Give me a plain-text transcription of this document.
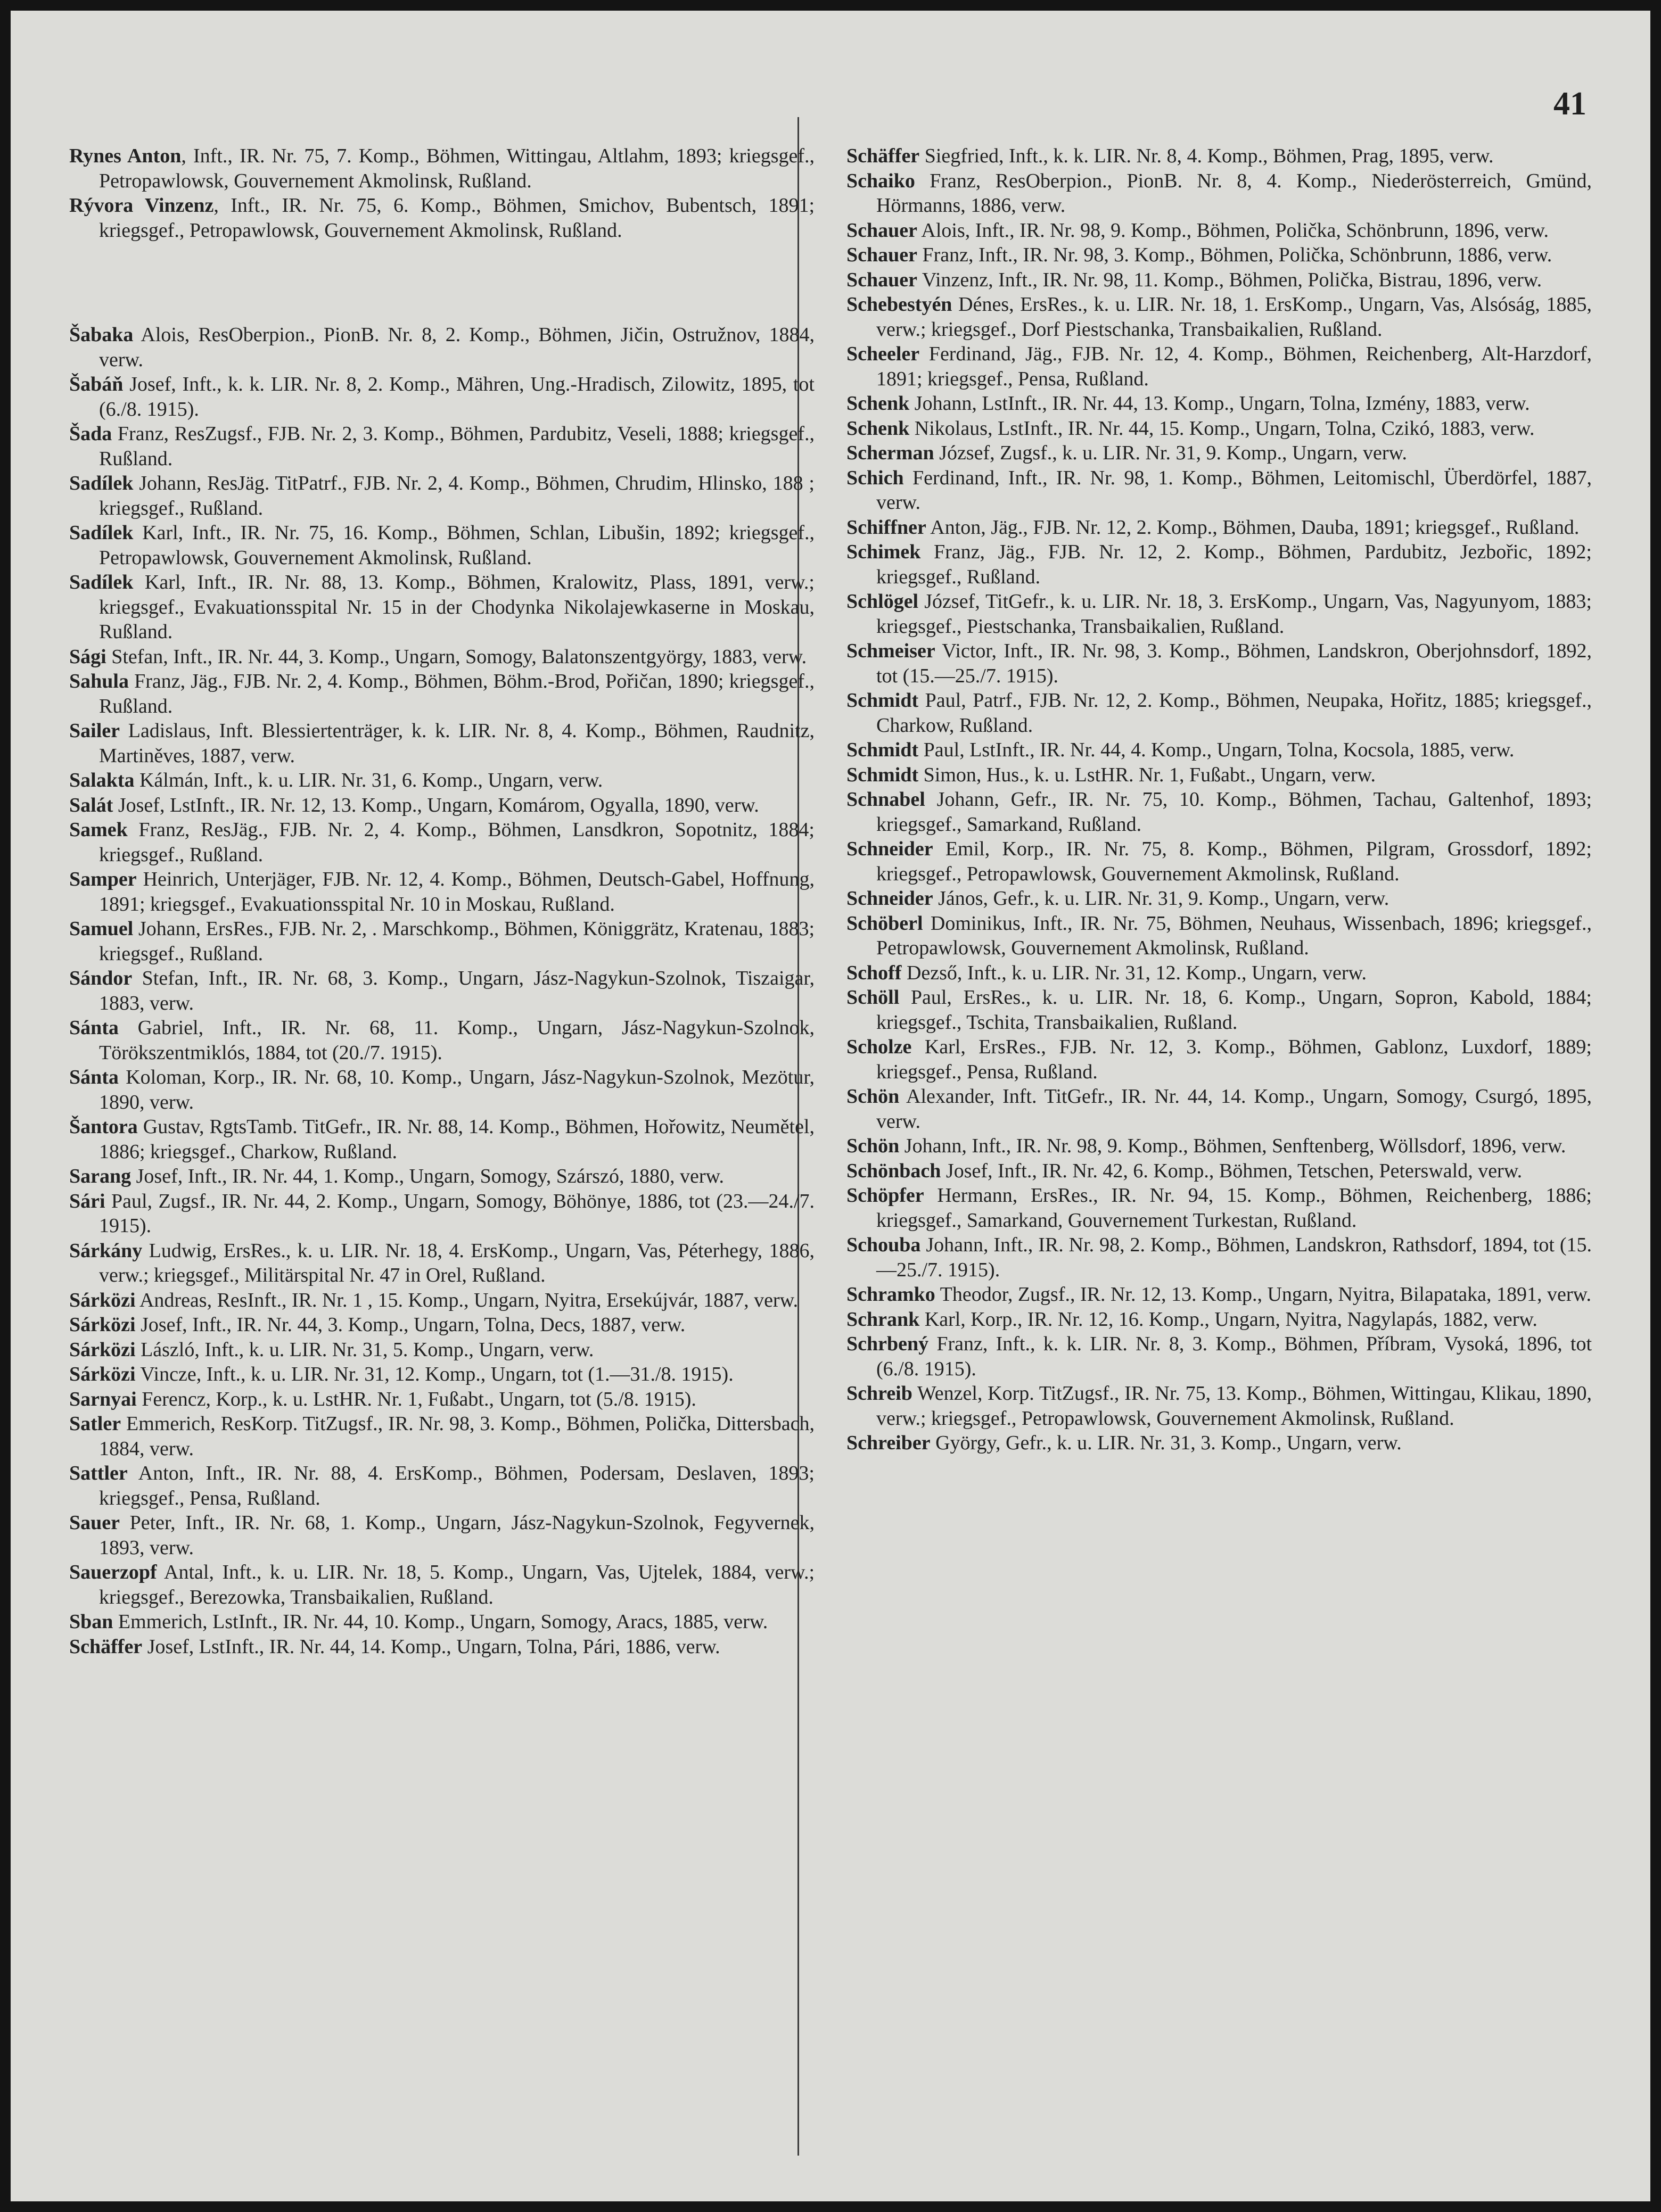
41

Rynes Anton, Inft., IR. Nr. 75, 7. Komp., Böhmen, Wittingau, Altlahm, 1893; kriegsgef., Petropawlowsk, Gouvernement Akmolinsk, Rußland.

Rývora Vinzenz, Inft., IR. Nr. 75, 6. Komp., Böhmen, Smichov, Bubentsch, 1891; kriegsgef., Petropawlowsk, Gouvernement Akmolinsk, Rußland.

Šabaka Alois, ResOberpion., PionB. Nr. 8, 2. Komp., Böhmen, Jičin, Ostružnov, 1884, verw.

Šabáň Josef, Inft., k. k. LIR. Nr. 8, 2. Komp., Mähren, Ung.-Hradisch, Zilowitz, 1895, tot (6./8. 1915).

Šada Franz, ResZugsf., FJB. Nr. 2, 3. Komp., Böhmen, Pardubitz, Veseli, 1888; kriegsgef., Rußland.

Sadílek Johann, ResJäg. TitPatrf., FJB. Nr. 2, 4. Komp., Böhmen, Chrudim, Hlinsko, 188 ; kriegsgef., Rußland.

Sadílek Karl, Inft., IR. Nr. 75, 16. Komp., Böhmen, Schlan, Libušin, 1892; kriegsgef., Petropawlowsk, Gouvernement Akmolinsk, Rußland.

Sadílek Karl, Inft., IR. Nr. 88, 13. Komp., Böhmen, Kralowitz, Plass, 1891, verw.; kriegsgef., Evakuationsspital Nr. 15 in der Chodynka Nikolajewkaserne in Moskau, Rußland.

Sági Stefan, Inft., IR. Nr. 44, 3. Komp., Ungarn, Somogy, Balatonszentgyörgy, 1883, verw.

Sahula Franz, Jäg., FJB. Nr. 2, 4. Komp., Böhmen, Böhm.-Brod, Pořičan, 1890; kriegsgef., Rußland.

Sailer Ladislaus, Inft. Blessiertenträger, k. k. LIR. Nr. 8, 4. Komp., Böhmen, Raudnitz, Martiněves, 1887, verw.

Salakta Kálmán, Inft., k. u. LIR. Nr. 31, 6. Komp., Ungarn, verw.

Salát Josef, LstInft., IR. Nr. 12, 13. Komp., Ungarn, Komárom, Ogyalla, 1890, verw.

Samek Franz, ResJäg., FJB. Nr. 2, 4. Komp., Böhmen, Lansdkron, Sopotnitz, 1884; kriegsgef., Rußland.

Samper Heinrich, Unterjäger, FJB. Nr. 12, 4. Komp., Böhmen, Deutsch-Gabel, Hoffnung, 1891; kriegsgef., Evakuationsspital Nr. 10 in Moskau, Rußland.

Samuel Johann, ErsRes., FJB. Nr. 2, . Marschkomp., Böhmen, Königgrätz, Kratenau, 1883; kriegsgef., Rußland.

Sándor Stefan, Inft., IR. Nr. 68, 3. Komp., Ungarn, Jász-Nagykun-Szolnok, Tiszaigar, 1883, verw.

Sánta Gabriel, Inft., IR. Nr. 68, 11. Komp., Ungarn, Jász-Nagykun-Szolnok, Törökszentmiklós, 1884, tot (20./7. 1915).

Sánta Koloman, Korp., IR. Nr. 68, 10. Komp., Ungarn, Jász-Nagykun-Szolnok, Mezötur, 1890, verw.

Šantora Gustav, RgtsTamb. TitGefr., IR. Nr. 88, 14. Komp., Böhmen, Hořowitz, Neumětel, 1886; kriegsgef., Charkow, Rußland.

Sarang Josef, Inft., IR. Nr. 44, 1. Komp., Ungarn, Somogy, Szárszó, 1880, verw.

Sári Paul, Zugsf., IR. Nr. 44, 2. Komp., Ungarn, Somogy, Böhönye, 1886, tot (23.—24./7. 1915).

Sárkány Ludwig, ErsRes., k. u. LIR. Nr. 18, 4. ErsKomp., Ungarn, Vas, Péterhegy, 1886, verw.; kriegsgef., Militärspital Nr. 47 in Orel, Rußland.

Sárközi Andreas, ResInft., IR. Nr. 1 , 15. Komp., Ungarn, Nyitra, Ersekújvár, 1887, verw.

Sárközi Josef, Inft., IR. Nr. 44, 3. Komp., Ungarn, Tolna, Decs, 1887, verw.

Sárközi László, Inft., k. u. LIR. Nr. 31, 5. Komp., Ungarn, verw.

Sárközi Vincze, Inft., k. u. LIR. Nr. 31, 12. Komp., Ungarn, tot (1.—31./8. 1915).

Sarnyai Ferencz, Korp., k. u. LstHR. Nr. 1, Fußabt., Ungarn, tot (5./8. 1915).

Satler Emmerich, ResKorp. TitZugsf., IR. Nr. 98, 3. Komp., Böhmen, Polička, Dittersbach, 1884, verw.

Sattler Anton, Inft., IR. Nr. 88, 4. ErsKomp., Böhmen, Podersam, Deslaven, 1893; kriegsgef., Pensa, Rußland.

Sauer Peter, Inft., IR. Nr. 68, 1. Komp., Ungarn, Jász-Nagykun-Szolnok, Fegyvernek, 1893, verw.

Sauerzopf Antal, Inft., k. u. LIR. Nr. 18, 5. Komp., Ungarn, Vas, Ujtelek, 1884, verw.; kriegsgef., Berezowka, Transbaikalien, Rußland.

Sban Emmerich, LstInft., IR. Nr. 44, 10. Komp., Ungarn, Somogy, Aracs, 1885, verw.

Schäffer Josef, LstInft., IR. Nr. 44, 14. Komp., Ungarn, Tolna, Pári, 1886, verw.

Schäffer Siegfried, Inft., k. k. LIR. Nr. 8, 4. Komp., Böhmen, Prag, 1895, verw.

Schaiko Franz, ResOberpion., PionB. Nr. 8, 4. Komp., Niederösterreich, Gmünd, Hörmanns, 1886, verw.

Schauer Alois, Inft., IR. Nr. 98, 9. Komp., Böhmen, Polička, Schönbrunn, 1896, verw.

Schauer Franz, Inft., IR. Nr. 98, 3. Komp., Böhmen, Polička, Schönbrunn, 1886, verw.

Schauer Vinzenz, Inft., IR. Nr. 98, 11. Komp., Böhmen, Polička, Bistrau, 1896, verw.

Schebestyén Dénes, ErsRes., k. u. LIR. Nr. 18, 1. ErsKomp., Ungarn, Vas, Alsóság, 1885, verw.; kriegsgef., Dorf Piestschanka, Transbaikalien, Rußland.

Scheeler Ferdinand, Jäg., FJB. Nr. 12, 4. Komp., Böhmen, Reichenberg, Alt-Harzdorf, 1891; kriegsgef., Pensa, Rußland.

Schenk Johann, LstInft., IR. Nr. 44, 13. Komp., Ungarn, Tolna, Izmény, 1883, verw.

Schenk Nikolaus, LstInft., IR. Nr. 44, 15. Komp., Ungarn, Tolna, Czikó, 1883, verw.

Scherman József, Zugsf., k. u. LIR. Nr. 31, 9. Komp., Ungarn, verw.

Schich Ferdinand, Inft., IR. Nr. 98, 1. Komp., Böhmen, Leitomischl, Überdörfel, 1887, verw.

Schiffner Anton, Jäg., FJB. Nr. 12, 2. Komp., Böhmen, Dauba, 1891; kriegsgef., Rußland.

Schimek Franz, Jäg., FJB. Nr. 12, 2. Komp., Böhmen, Pardubitz, Jezbořic, 1892; kriegsgef., Rußland.

Schlögel József, TitGefr., k. u. LIR. Nr. 18, 3. ErsKomp., Ungarn, Vas, Nagyunyom, 1883; kriegsgef., Piestschanka, Transbaikalien, Rußland.

Schmeiser Victor, Inft., IR. Nr. 98, 3. Komp., Böhmen, Landskron, Oberjohnsdorf, 1892, tot (15.—25./7. 1915).

Schmidt Paul, Patrf., FJB. Nr. 12, 2. Komp., Böhmen, Neupaka, Hořitz, 1885; kriegsgef., Charkow, Rußland.

Schmidt Paul, LstInft., IR. Nr. 44, 4. Komp., Ungarn, Tolna, Kocsola, 1885, verw.

Schmidt Simon, Hus., k. u. LstHR. Nr. 1, Fußabt., Ungarn, verw.

Schnabel Johann, Gefr., IR. Nr. 75, 10. Komp., Böhmen, Tachau, Galtenhof, 1893; kriegsgef., Samarkand, Rußland.

Schneider Emil, Korp., IR. Nr. 75, 8. Komp., Böhmen, Pilgram, Grossdorf, 1892; kriegsgef., Petropawlowsk, Gouvernement Akmolinsk, Rußland.

Schneider János, Gefr., k. u. LIR. Nr. 31, 9. Komp., Ungarn, verw.

Schöberl Dominikus, Inft., IR. Nr. 75, Böhmen, Neuhaus, Wissenbach, 1896; kriegsgef., Petropawlowsk, Gouvernement Akmolinsk, Rußland.

Schoff Dezső, Inft., k. u. LIR. Nr. 31, 12. Komp., Ungarn, verw.

Schöll Paul, ErsRes., k. u. LIR. Nr. 18, 6. Komp., Ungarn, Sopron, Kabold, 1884; kriegsgef., Tschita, Transbaikalien, Rußland.

Scholze Karl, ErsRes., FJB. Nr. 12, 3. Komp., Böhmen, Gablonz, Luxdorf, 1889; kriegsgef., Pensa, Rußland.

Schön Alexander, Inft. TitGefr., IR. Nr. 44, 14. Komp., Ungarn, Somogy, Csurgó, 1895, verw.

Schön Johann, Inft., IR. Nr. 98, 9. Komp., Böhmen, Senftenberg, Wöllsdorf, 1896, verw.

Schönbach Josef, Inft., IR. Nr. 42, 6. Komp., Böhmen, Tetschen, Peterswald, verw.

Schöpfer Hermann, ErsRes., IR. Nr. 94, 15. Komp., Böhmen, Reichenberg, 1886; kriegsgef., Samarkand, Gouvernement Turkestan, Rußland.

Schouba Johann, Inft., IR. Nr. 98, 2. Komp., Böhmen, Landskron, Rathsdorf, 1894, tot (15.—25./7. 1915).

Schramko Theodor, Zugsf., IR. Nr. 12, 13. Komp., Ungarn, Nyitra, Bilapataka, 1891, verw.

Schrank Karl, Korp., IR. Nr. 12, 16. Komp., Ungarn, Nyitra, Nagylapás, 1882, verw.

Schrbený Franz, Inft., k. k. LIR. Nr. 8, 3. Komp., Böhmen, Příbram, Vysoká, 1896, tot (6./8. 1915).

Schreib Wenzel, Korp. TitZugsf., IR. Nr. 75, 13. Komp., Böhmen, Wittingau, Klikau, 1890, verw.; kriegsgef., Petropawlowsk, Gouvernement Akmolinsk, Rußland.

Schreiber György, Gefr., k. u. LIR. Nr. 31, 3. Komp., Ungarn, verw.
